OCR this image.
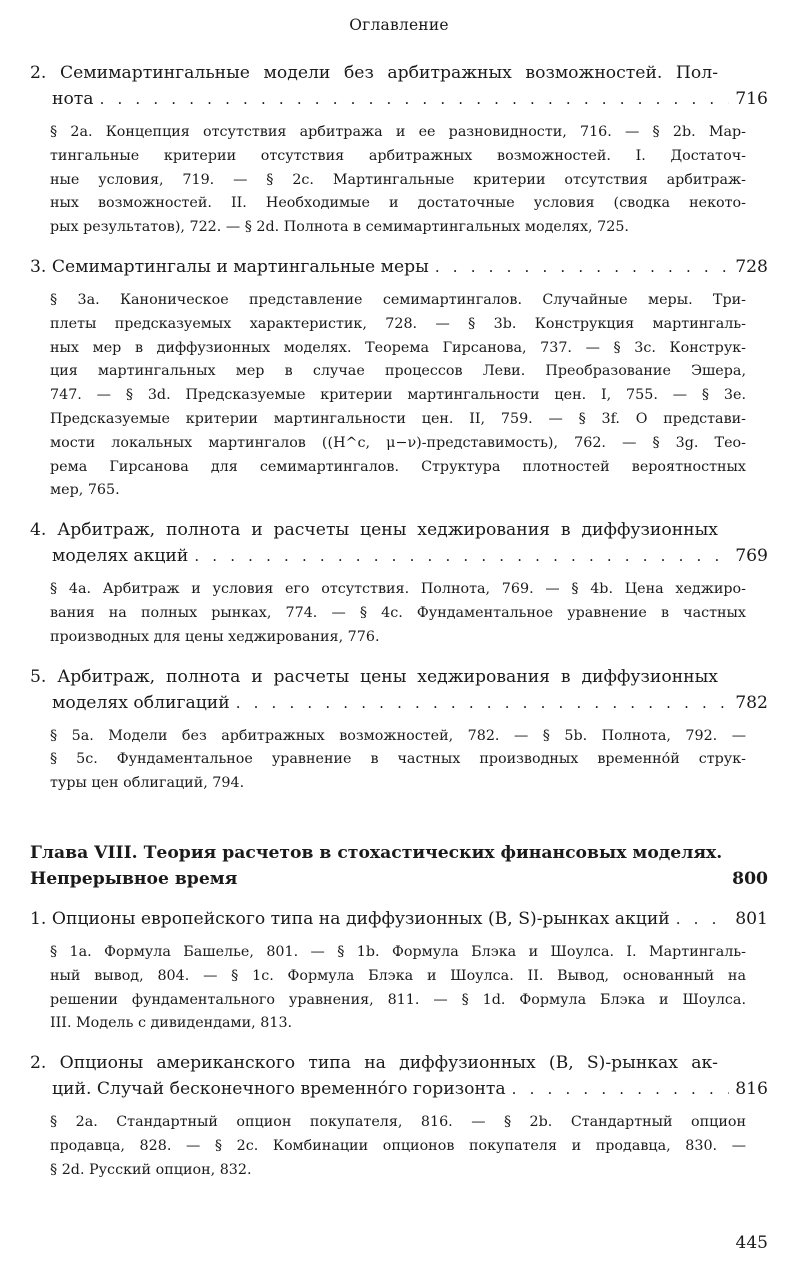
Оглавление
2. Семимартингальные модели без арбитражных возможностей. Пол-
нота . . .	716
§ 2a. Концепция отсутствия арбитража и ее разновидности, 716. — § 2b. Мар-
тингальные критерии отсутствия арбитражных возможностей. I. Достаточ-
ные условия, 719. — § 2c. Мартингальные критерии отсутствия арбитраж-
ных возможностей. II. Необходимые и достаточные условия (сводка некото-
рых результатов), 722. — § 2d. Полнота в семимартингальных моделях, 725.
3. Семимартингалы и мартингальные меры . . .	728
§ 3a. Каноническое представление семимартингалов. Случайные меры. Три-
плеты предсказуемых характеристик, 728. — § 3b. Конструкция мартингаль-
ных мер в диффузионных моделях. Теорема Гирсанова, 737. — § 3c. Конструк-
ция мартингальных мер в случае процессов Леви. Преобразование Эшера,
747. — § 3d. Предсказуемые критерии мартингальности цен. I, 755. — § 3e.
Предсказуемые критерии мартингальности цен. II, 759. — § 3f. О представи-
мости локальных мартингалов ((H^c, μ−ν)-представимость), 762. — § 3g. Тео-
рема Гирсанова для семимартингалов. Структура плотностей вероятностных
мер, 765.
4. Арбитраж, полнота и расчеты цены хеджирования в диффузионных
моделях акций . . .	769
§ 4a. Арбитраж и условия его отсутствия. Полнота, 769. — § 4b. Цена хеджиро-
вания на полных рынках, 774. — § 4c. Фундаментальное уравнение в частных
производных для цены хеджирования, 776.
5. Арбитраж, полнота и расчеты цены хеджирования в диффузионных
моделях облигаций . . .	782
§ 5a. Модели без арбитражных возможностей, 782. — § 5b. Полнота, 792. —
§ 5c. Фундаментальное уравнение в частных производных временно́й струк-
туры цен облигаций, 794.
Глава VIII. Теория расчетов в стохастических финансовых моделях.
Непрерывное время	800
1. Опционы европейского типа на диффузионных (B, S)-рынках акций . . .	801
§ 1a. Формула Башелье, 801. — § 1b. Формула Блэка и Шоулса. I. Мартингаль-
ный вывод, 804. — § 1c. Формула Блэка и Шоулса. II. Вывод, основанный на
решении фундаментального уравнения, 811. — § 1d. Формула Блэка и Шоулса.
III. Модель с дивидендами, 813.
2. Опционы американского типа на диффузионных (B, S)-рынках ак-
ций. Случай бесконечного временно́го горизонта . . .	816
§ 2a. Стандартный опцион покупателя, 816. — § 2b. Стандартный опцион
продавца, 828. — § 2c. Комбинации опционов покупателя и продавца, 830. —
§ 2d. Русский опцион, 832.
445
